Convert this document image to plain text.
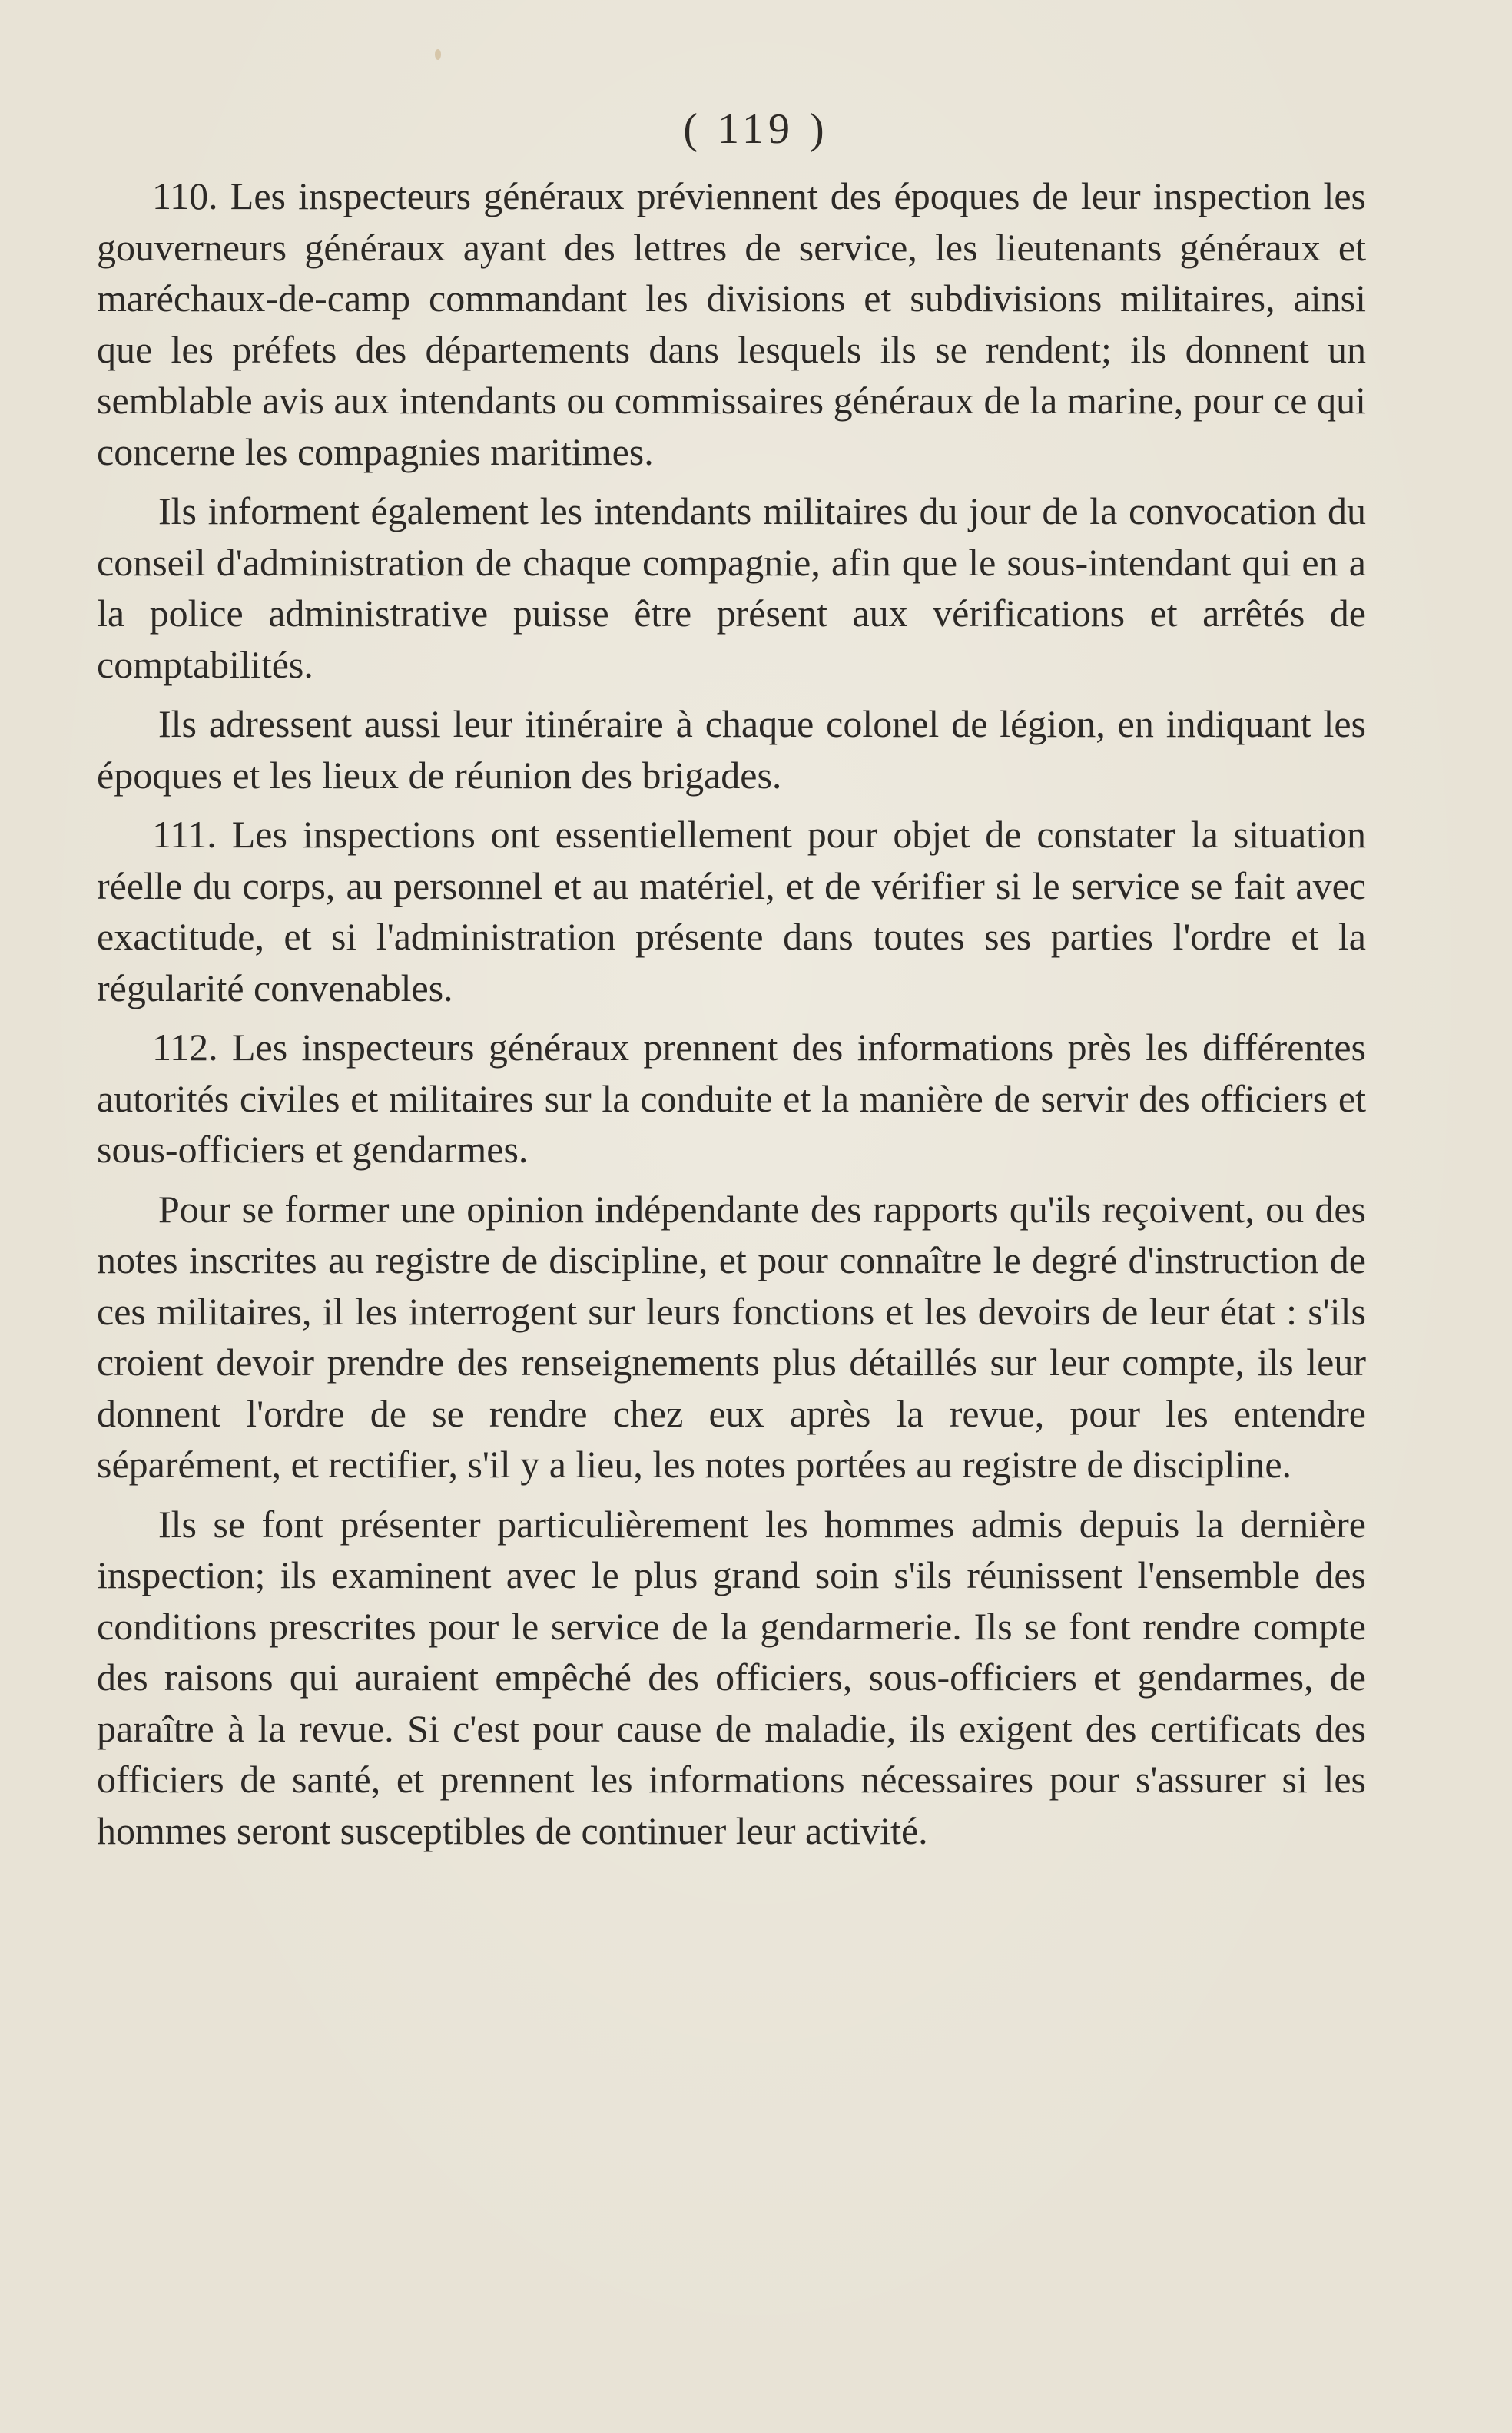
( 119 )

110. Les inspecteurs généraux préviennent des époques de leur inspection les gouverneurs généraux ayant des lettres de service, les lieutenants généraux et maréchaux-de-camp commandant les divisions et subdivisions militaires, ainsi que les préfets des départements dans lesquels ils se rendent; ils donnent un semblable avis aux intendants ou commissaires généraux de la marine, pour ce qui concerne les compagnies maritimes.

Ils informent également les intendants militaires du jour de la convocation du conseil d'administration de chaque compagnie, afin que le sous-intendant qui en a la police administrative puisse être présent aux vérifications et arrêtés de comptabilités.

Ils adressent aussi leur itinéraire à chaque colonel de légion, en indiquant les époques et les lieux de réunion des brigades.

111. Les inspections ont essentiellement pour objet de constater la situation réelle du corps, au personnel et au matériel, et de vérifier si le service se fait avec exactitude, et si l'administration présente dans toutes ses parties l'ordre et la régularité convenables.

112. Les inspecteurs généraux prennent des informations près les différentes autorités civiles et militaires sur la conduite et la manière de servir des officiers et sous-officiers et gendarmes.

Pour se former une opinion indépendante des rapports qu'ils reçoivent, ou des notes inscrites au registre de discipline, et pour connaître le degré d'instruction de ces militaires, il les interrogent sur leurs fonctions et les devoirs de leur état : s'ils croient devoir prendre des renseignements plus détaillés sur leur compte, ils leur donnent l'ordre de se rendre chez eux après la revue, pour les entendre séparément, et rectifier, s'il y a lieu, les notes portées au registre de discipline.

Ils se font présenter particulièrement les hommes admis depuis la dernière inspection; ils examinent avec le plus grand soin s'ils réunissent l'ensemble des conditions prescrites pour le service de la gendarmerie. Ils se font rendre compte des raisons qui auraient empêché des officiers, sous-officiers et gendarmes, de paraître à la revue. Si c'est pour cause de maladie, ils exigent des certificats des officiers de santé, et prennent les informations nécessaires pour s'assurer si les hommes seront susceptibles de continuer leur activité.
